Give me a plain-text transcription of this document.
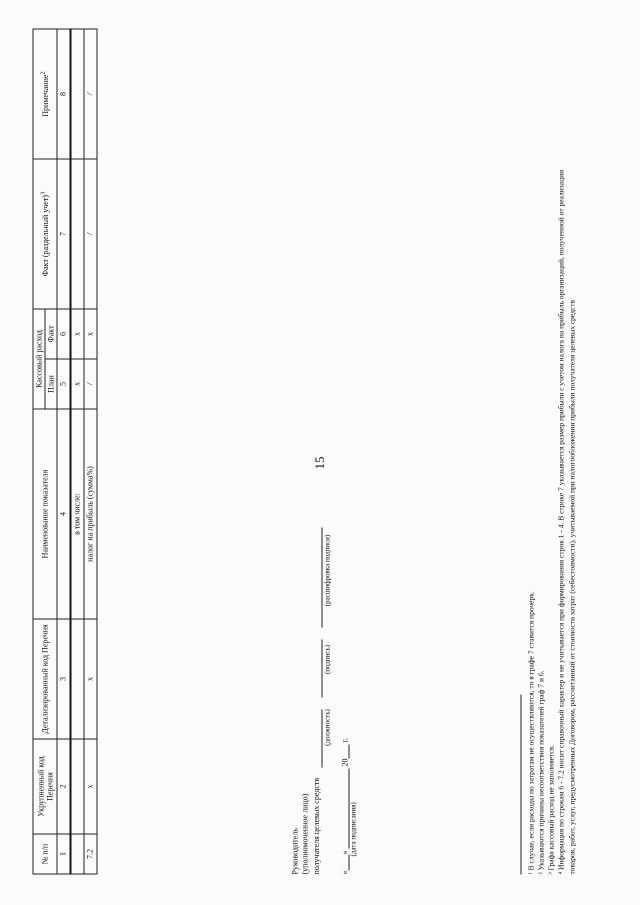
15
№ п/п	Укрупненный код Перечня	Детализированный код Перечня	Наименование показателя	Кассовый расход		Факт (раздельный учет)$^3$	Примечание$^2$
				План	Факт		
1	2	3	4	5	6	7	8
			в том числе:	x	x		
7.2	x	x	налог на прибыль (сумма%)	/	x	/	/
Руководитель (уполномоченное лицо) получателя целевых средств
(должность) (подпись) (расшифровка подписи)
«»  20 г.
(дата подписания)	¹ В случае, если расходы по затратам не осуществляются, то в графе 7 ставится прочерк. ² Указываются причины несоответствия показателей граф 7 и 6. ³ Графа кассовый расход не заполняется. ⁴ Информация по строкам 6 - 7.2 носит справочный характер и не учитывается при формировании строк 1 - 4. В строке 7 указывается размер прибыли с учетом налога на прибыль организаций, полученной от реализации товаров, работ, услуг, предусмотренных Договором, рассчитанный от стоимости затрат (себестоимости), учитываемой при налогообложении прибыли получателя целевых средств
